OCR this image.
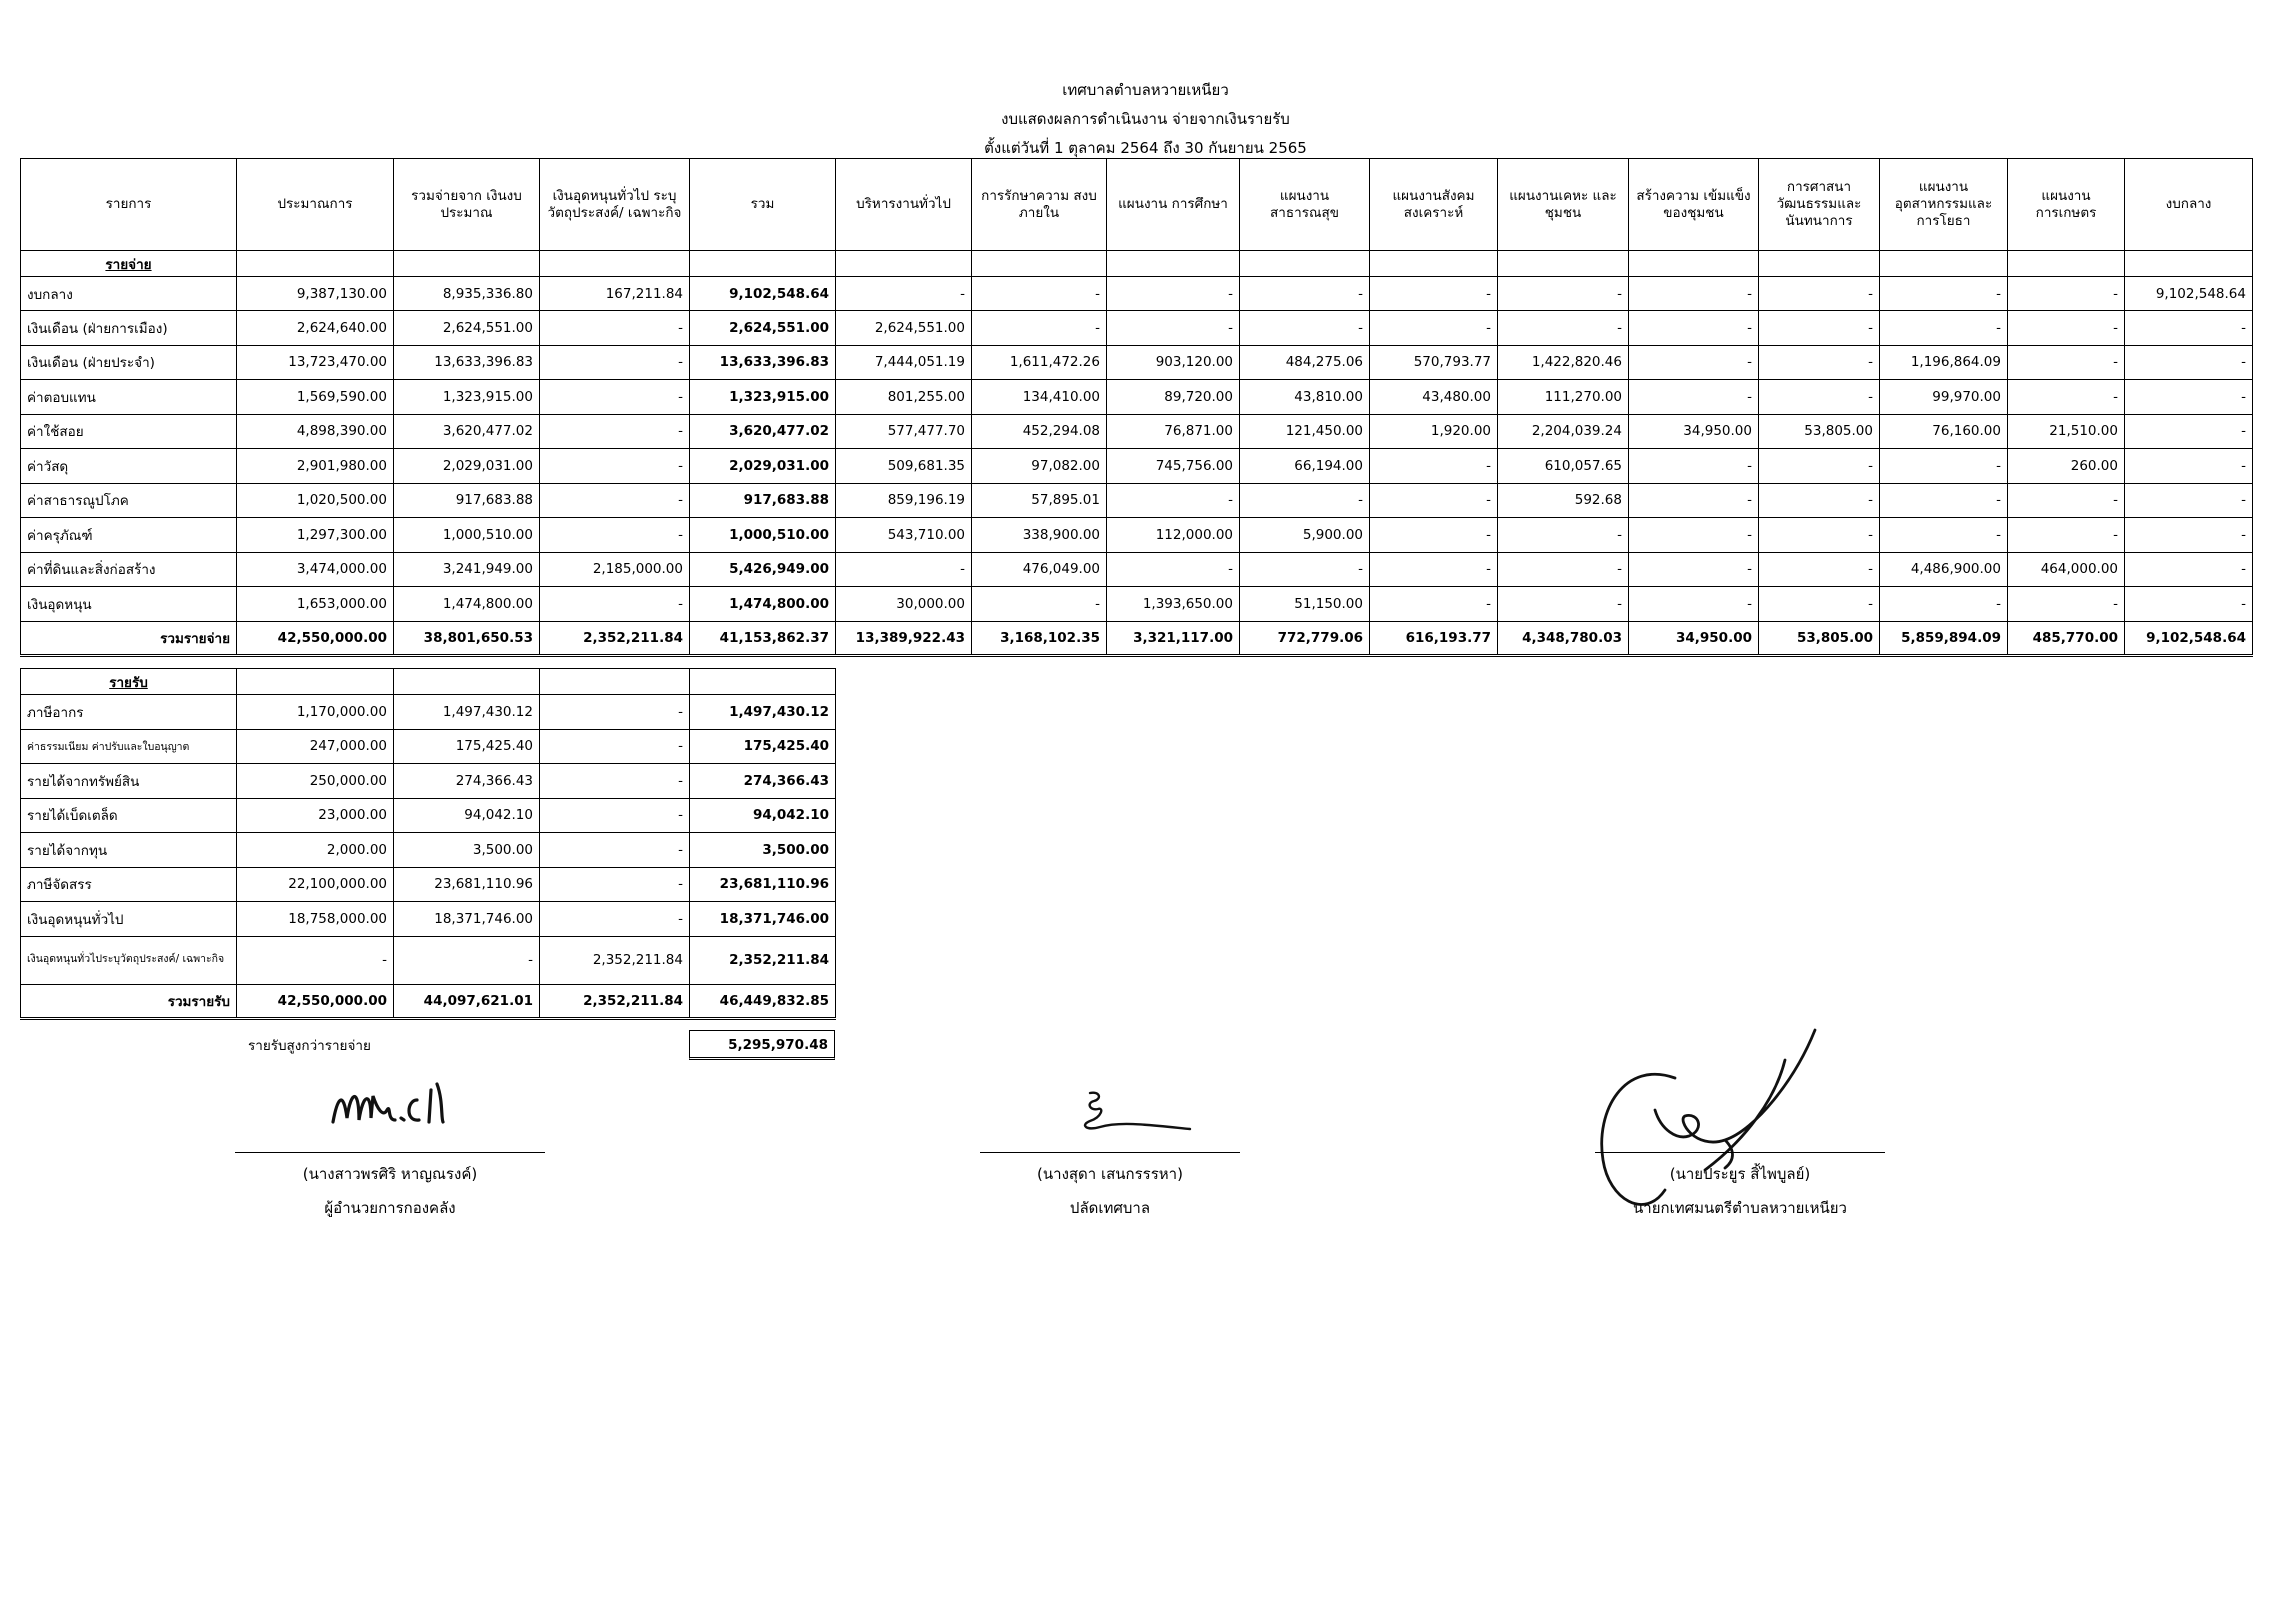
เทศบาลตำบลหวายเหนียว
งบแสดงผลการดำเนินงาน จ่ายจากเงินรายรับ
ตั้งแต่วันที่ 1 ตุลาคม 2564 ถึง 30 กันยายน 2565
รายการ	ประมาณการ	รวมจ่ายจาก เงินงบประมาณ	เงินอุดหนุนทั่วไป ระบุวัตถุประสงค์/ เฉพาะกิจ	รวม	บริหารงานทั่วไป	การรักษาความ สงบภายใน	แผนงาน การศึกษา	แผนงาน สาธารณสุข	แผนงานสังคม สงเคราะห์	แผนงานเคหะ และชุมชน	สร้างความ เข้มแข็งของชุมชน	การศาสนา วัฒนธรรมและ นันทนาการ	แผนงาน อุตสาหกรรมและ การโยธา	แผนงาน การเกษตร	งบกลาง
รายจ่าย															
งบกลาง	9,387,130.00	8,935,336.80	167,211.84	9,102,548.64	-	-	-	-	-	-	-	-	-	-	9,102,548.64
เงินเดือน (ฝ่ายการเมือง)	2,624,640.00	2,624,551.00	-	2,624,551.00	2,624,551.00	-	-	-	-	-	-	-	-	-	-
เงินเดือน (ฝ่ายประจำ)	13,723,470.00	13,633,396.83	-	13,633,396.83	7,444,051.19	1,611,472.26	903,120.00	484,275.06	570,793.77	1,422,820.46	-	-	1,196,864.09	-	-
ค่าตอบแทน	1,569,590.00	1,323,915.00	-	1,323,915.00	801,255.00	134,410.00	89,720.00	43,810.00	43,480.00	111,270.00	-	-	99,970.00	-	-
ค่าใช้สอย	4,898,390.00	3,620,477.02	-	3,620,477.02	577,477.70	452,294.08	76,871.00	121,450.00	1,920.00	2,204,039.24	34,950.00	53,805.00	76,160.00	21,510.00	-
ค่าวัสดุ	2,901,980.00	2,029,031.00	-	2,029,031.00	509,681.35	97,082.00	745,756.00	66,194.00	-	610,057.65	-	-	-	260.00	-
ค่าสาธารณูปโภค	1,020,500.00	917,683.88	-	917,683.88	859,196.19	57,895.01	-	-	-	592.68	-	-	-	-	-
ค่าครุภัณฑ์	1,297,300.00	1,000,510.00	-	1,000,510.00	543,710.00	338,900.00	112,000.00	5,900.00	-	-	-	-	-	-	-
ค่าที่ดินและสิ่งก่อสร้าง	3,474,000.00	3,241,949.00	2,185,000.00	5,426,949.00	-	476,049.00	-	-	-	-	-	-	4,486,900.00	464,000.00	-
เงินอุดหนุน	1,653,000.00	1,474,800.00	-	1,474,800.00	30,000.00	-	1,393,650.00	51,150.00	-	-	-	-	-	-	-
รวมรายจ่าย	42,550,000.00	38,801,650.53	2,352,211.84	41,153,862.37	13,389,922.43	3,168,102.35	3,321,117.00	772,779.06	616,193.77	4,348,780.03	34,950.00	53,805.00	5,859,894.09	485,770.00	9,102,548.64
รายรับ				
ภาษีอากร	1,170,000.00	1,497,430.12	-	1,497,430.12
ค่าธรรมเนียม ค่าปรับและใบอนุญาต	247,000.00	175,425.40	-	175,425.40
รายได้จากทรัพย์สิน	250,000.00	274,366.43	-	274,366.43
รายได้เบ็ดเตล็ด	23,000.00	94,042.10	-	94,042.10
รายได้จากทุน	2,000.00	3,500.00	-	3,500.00
ภาษีจัดสรร	22,100,000.00	23,681,110.96	-	23,681,110.96
เงินอุดหนุนทั่วไป	18,758,000.00	18,371,746.00	-	18,371,746.00
เงินอุดหนุนทั่วไประบุวัตถุประสงค์/ เฉพาะกิจ	-	-	2,352,211.84	2,352,211.84
รวมรายรับ	42,550,000.00	44,097,621.01	2,352,211.84	46,449,832.85
รายรับสูงกว่ารายจ่าย	5,295,970.48
(นางสาวพรศิริ หาญณรงค์)
ผู้อำนวยการกองคลัง
(นางสุดา เสนกรรรหา)
ปลัดเทศบาล
(นายประยูร สิ้ไพบูลย์)
นายกเทศมนตรีตำบลหวายเหนียว
